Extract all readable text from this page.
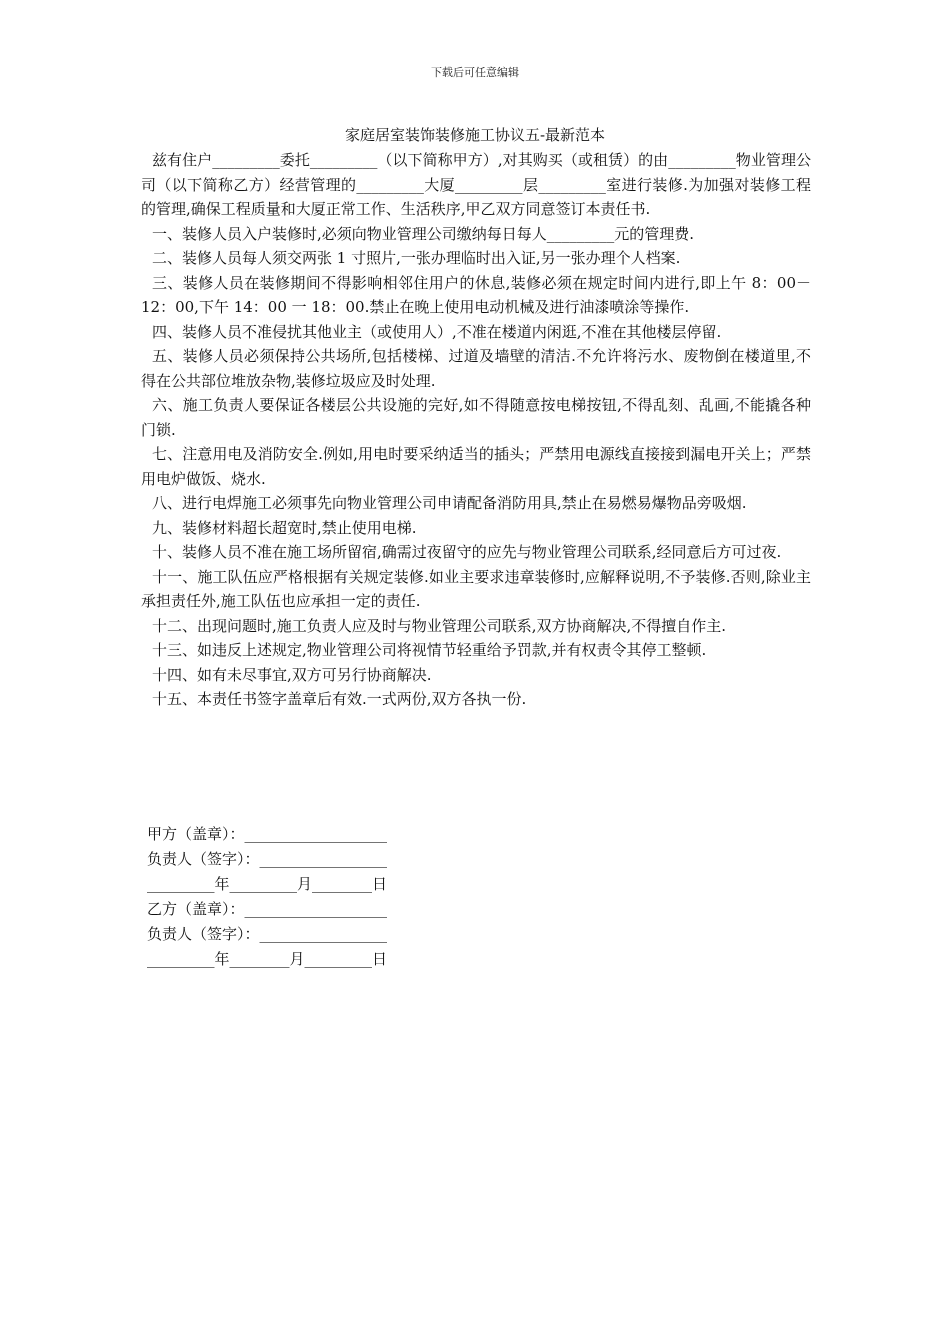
下载后可任意编辑
家庭居室装饰装修施工协议五-最新范本

兹有住户_________委托_________（以下简称甲方）,对其购买（或租赁）的由_________物业管理公司（以下简称乙方）经营管理的_________大厦_________层_________室进行装修.为加强对装修工程的管理,确保工程质量和大厦正常工作、生活秩序,甲乙双方同意签订本责任书.

一、装修人员入户装修时,必须向物业管理公司缴纳每日每人_________元的管理费.

二、装修人员每人须交两张 1 寸照片,一张办理临时出入证,另一张办理个人档案.

三、装修人员在装修期间不得影响相邻住用户的休息,装修必须在规定时间内进行,即上午 8：00－12：00,下午 14：00 一 18：00.禁止在晚上使用电动机械及进行油漆喷涂等操作.

四、装修人员不准侵扰其他业主（或使用人）,不准在楼道内闲逛,不准在其他楼层停留.

五、装修人员必须保持公共场所,包括楼梯、过道及墙壁的清洁.不允许将污水、废物倒在楼道里,不得在公共部位堆放杂物,装修垃圾应及时处理.

六、施工负责人要保证各楼层公共设施的完好,如不得随意按电梯按钮,不得乱刻、乱画,不能撬各种门锁.

七、注意用电及消防安全.例如,用电时要采纳适当的插头；严禁用电源线直接接到漏电开关上；严禁用电炉做饭、烧水.

八、进行电焊施工必须事先向物业管理公司申请配备消防用具,禁止在易燃易爆物品旁吸烟.

九、装修材料超长超宽时,禁止使用电梯.

十、装修人员不准在施工场所留宿,确需过夜留守的应先与物业管理公司联系,经同意后方可过夜.

十一、施工队伍应严格根据有关规定装修.如业主要求违章装修时,应解释说明,不予装修.否则,除业主承担责任外,施工队伍也应承担一定的责任.

十二、出现问题时,施工负责人应及时与物业管理公司联系,双方协商解决,不得擅自作主.

十三、如违反上述规定,物业管理公司将视情节轻重给予罚款,并有权责令其停工整顿.

十四、如有未尽事宜,双方可另行协商解决.

十五、本责任书签字盖章后有效.一式两份,双方各执一份.

甲方（盖章）：___________________
负责人（签字）：_________________
_________年_________月________日
乙方（盖章）：___________________
负责人（签字）：_________________
_________年________月_________日
